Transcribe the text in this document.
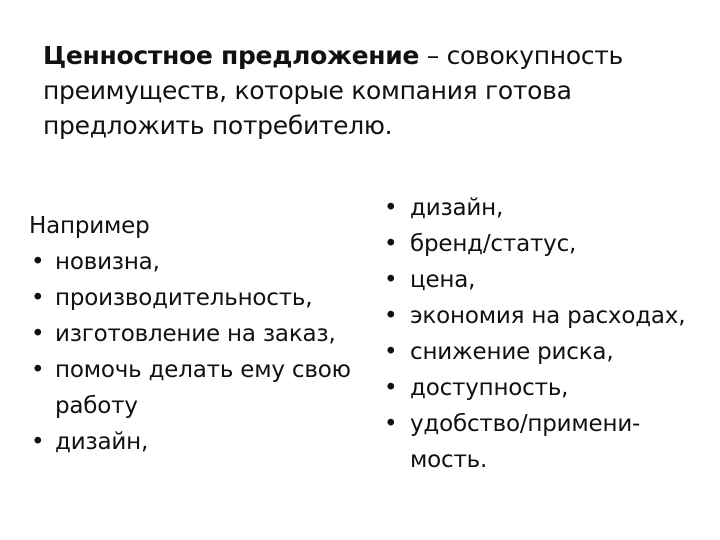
Ценностное предложение – совокупность преимуществ, которые компания готова предложить потребителю.
Например
• новизна,
• производительность,
• изготовление на заказ,
• помочь делать ему свою работу
• дизайн,
• дизайн,
• бренд/статус,
• цена,
• экономия на расходах,
• снижение риска,
• доступность,
• удобство/примени-мость.
